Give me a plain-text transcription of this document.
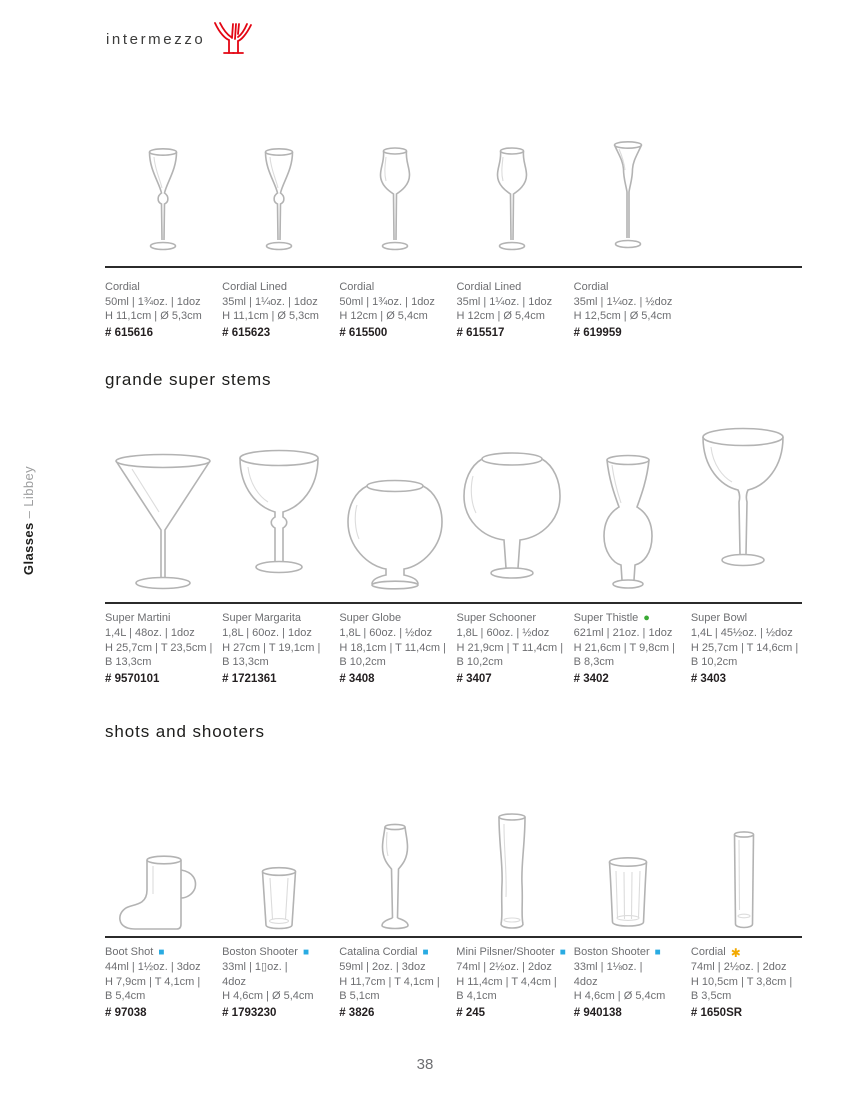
intermezzo
Glasses – Libbey
Cordial
50ml | 1¾oz. | 1doz
H 11,1cm | Ø 5,3cm
# 615616
Cordial Lined
35ml | 1¼oz. | 1doz
H 11,1cm | Ø 5,3cm
# 615623
Cordial
50ml | 1¾oz. | 1doz
H 12cm | Ø 5,4cm
# 615500
Cordial Lined
35ml | 1¼oz. | 1doz
H 12cm | Ø 5,4cm
# 615517
Cordial
35ml | 1¼oz. | ½doz
H 12,5cm | Ø 5,4cm
# 619959
grande super stems
Super Martini
1,4L | 48oz. | 1doz
H 25,7cm | T 23,5cm |
B 13,3cm
# 9570101
Super Margarita
1,8L | 60oz. | 1doz
H 27cm | T 19,1cm |
B 13,3cm
# 1721361
Super Globe
1,8L | 60oz. | ½doz
H 18,1cm | T 11,4cm |
B 10,2cm
# 3408
Super Schooner
1,8L | 60oz. | ½doz
H 21,9cm | T 11,4cm |
B 10,2cm
# 3407
Super Thistle ●
621ml | 21oz. | 1doz
H 21,6cm | T 9,8cm |
B 8,3cm
# 3402
Super Bowl
1,4L | 45½oz. | ½doz
H 25,7cm | T 14,6cm |
B 10,2cm
# 3403
shots and shooters
Boot Shot ■
44ml | 1½oz. | 3doz
H 7,9cm | T 4,1cm |
B 5,4cm
# 97038
Boston Shooter ■
33ml | 1▯oz. |
4doz
H 4,6cm | Ø 5,4cm
# 1793230
Catalina Cordial ■
59ml | 2oz. | 3doz
H 11,7cm | T 4,1cm |
B 5,1cm
# 3826
Mini Pilsner/Shooter ■
74ml | 2½oz. | 2doz
H 11,4cm | T 4,4cm |
B 4,1cm
# 245
Boston Shooter ■
33ml | 1⅛oz. |
4doz
H 4,6cm | Ø 5,4cm
# 940138
Cordial ✱
74ml | 2½oz. | 2doz
H 10,5cm | T 3,8cm |
B 3,5cm
# 1650SR
38
